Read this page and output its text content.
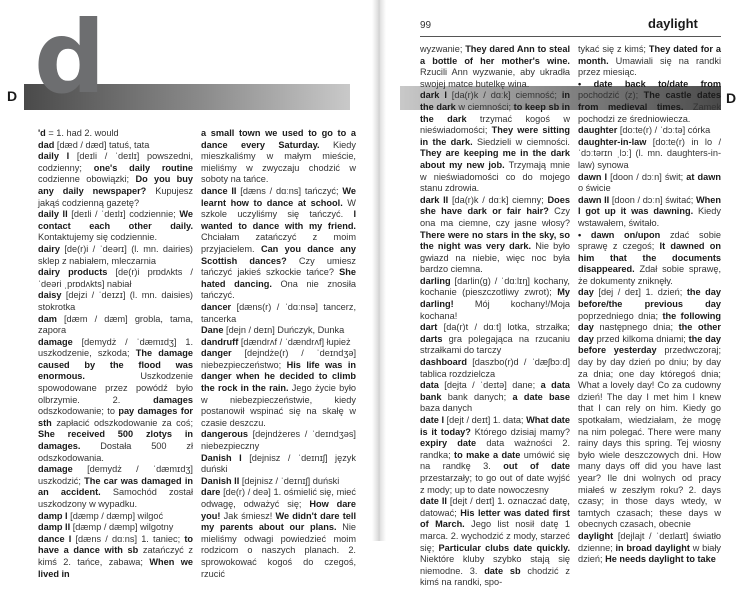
d
D
99	daylight
D

'd = 1. had 2. would

dad [dæd / dæd] tatuś, tata

daily I [deɪli / ˈdeɪlɪ] powszedni, codzienny; one's daily routine codzienne obowiązki; Do you buy any daily newspaper? Kupujesz jakąś codzienną gazetę?

daily II [deɪli / ˈdeɪlɪ] codziennie; We contact each other daily. Kontaktujemy się codziennie.

dairy [de(r)i / ˈdeərɪ] (l. mn. dairies) sklep z nabiałem, mleczarnia

dairy products [de(r)i prɒdʌkts / ˈdeəri ˌprɒdʌkts] nabiał

daisy [dejzi / ˈdeɪzɪ] (l. mn. daisies) stokrotka

dam [dæm / dæm] grobla, tama, zapora

damage [demydż / ˈdæmɪdʒ] 1. uszkodzenie, szkoda; The damage caused by the flood was enormous. Uszkodzenie spowodowane przez powódź było olbrzymie. 2. damages odszkodowanie; to pay damages for sth zapłacić odszkodowanie za coś; She received 500 zlotys in damages. Dostała 500 zł odszkodowania.

damage [demydż / ˈdæmɪdʒ] uszkodzić; The car was damaged in an accident. Samochód został uszkodzony w wypadku.

damp I [dæmp / dæmp] wilgoć

damp II [dæmp / dæmp] wilgotny

dance I [dæns / dɑːns] 1. taniec; to have a dance with sb zatańczyć z kimś 2. tańce, zabawa; When we lived in

a small town we used to go to a dance every Saturday. Kiedy mieszkaliśmy w małym mieście, mieliśmy w zwyczaju chodzić w soboty na tańce.

dance II [dæns / dɑːns] tańczyć; We learnt how to dance at school. W szkole uczyliśmy się tańczyć. I wanted to dance with my friend. Chciałam zatańczyć z moim przyjacielem. Can you dance any Scottish dances? Czy umiesz tańczyć jakieś szkockie tańce? She hated dancing. Ona nie znosiła tańczyć.

dancer [dæns(r) / ˈdɑːnsə] tancerz, tancerka

Dane [dejn / deɪn] Duńczyk, Dunka

dandruff [dændrʌf / ˈdændrʌf] łupież

danger [dejndże(r) / ˈdeɪndʒə] niebezpieczeństwo; His life was in danger when he decided to climb the rock in the rain. Jego życie było w niebezpieczeństwie, kiedy postanowił wspinać się na skałę w czasie deszczu.

dangerous [dejndżeres / ˈdeɪndʒəs] niebezpieczny

Danish I [dejnisz / ˈdeɪnɪʃ] język duński

Danish II [dejnisz / ˈdeɪnɪʃ] duński

dare [de(r) / deə] 1. ośmielić się, mieć odwagę, odważyć się; How dare you! Jak śmiesz! We didn't dare tell my parents about our plans. Nie mieliśmy odwagi powiedzieć moim rodzicom o naszych planach. 2. sprowokować kogoś do czegoś, rzucić

wyzwanie; They dared Ann to steal a bottle of her mother's wine. Rzucili Ann wyzwanie, aby ukradła swojej matce butelkę wina.

dark I [da(r)k / dɑːk] ciemność; in the dark w ciemności; to keep sb in the dark trzymać kogoś w nieświadomości; They were sitting in the dark. Siedzieli w ciemności. They are keeping me in the dark about my new job. Trzymają mnie w nieświadomości co do mojego stanu zdrowia.

dark II [da(r)k / dɑːk] ciemny; Does she have dark or fair hair? Czy ona ma ciemne, czy jasne włosy? There were no stars in the sky, so the night was very dark. Nie było gwiazd na niebie, więc noc była bardzo ciemna.

darling [darlin(g) / ˈdɑːlɪŋ] kochany, kochanie (pieszczotliwy zwrot); My darling! Mój kochany!/Moja kochana!

dart [da(r)t / dɑːt] lotka, strzałka; darts gra polegająca na rzucaniu strzałkami do tarczy

dashboard [daszbo(r)d / ˈdæʃbɔːd] tablica rozdzielcza

data [dejta / ˈdeɪtə] dane; a data bank bank danych; a date base baza danych

date I [dejt / deɪt] 1. data; What date is it today? Którego dzisiaj mamy? expiry date data ważności 2. randka; to make a date umówić się na randkę 3. out of date przestarzały; to go out of date wyjść z mody; up to date nowoczesny

date II [dejt / deɪt] 1. oznaczać datę, datować; His letter was dated first of March. Jego list nosił datę 1 marca. 2. wychodzić z mody, starzeć się; Particular clubs date quickly. Niektóre kluby szybko stają się niemodne. 3. date sb chodzić z kimś na randki, spo-

tykać się z kimś; They dated for a month. Umawiali się na randki przez miesiąc.

• date back to/date from pochodzić (z); The castle dates from medieval times. Zamek pochodzi ze średniowiecza.

daughter [do:te(r) / ˈdɔːtə] córka

daughter-in-law [do:te(r) in lo / ˈdɔːtərɪn ˌlɔː] (l. mn. daughters-in-law) synowa

dawn I [doon / dɔːn] świt; at dawn o świcie

dawn II [doon / dɔːn] świtać; When I got up it was dawning. Kiedy wstawałem, świtało.

• dawn on/upon zdać sobie sprawę z czegoś; It dawned on him that the documents disappeared. Zdał sobie sprawę, że dokumenty zniknęły.

day [dej / deɪ] 1. dzień; the day before/the previous day poprzedniego dnia; the following day następnego dnia; the other day przed kilkoma dniami; the day before yesterday przedwczoraj; day by day dzień po dniu; by day za dnia; one day któregoś dnia; What a lovely day! Co za cudowny dzień! The day I met him I knew that I can rely on him. Kiedy go spotkałam, wiedziałam, że mogę na nim polegać. There were many rainy days this spring. Tej wiosny było wiele deszczowych dni. How many days off did you have last year? Ile dni wolnych od pracy miałeś w zeszłym roku? 2. days czasy; in those days wtedy, w tamtych czasach; these days w obecnych czasach, obecnie

daylight [dejlajt / ˈdeɪlaɪt] światło dzienne; in broad daylight w biały dzień; He needs daylight to take
